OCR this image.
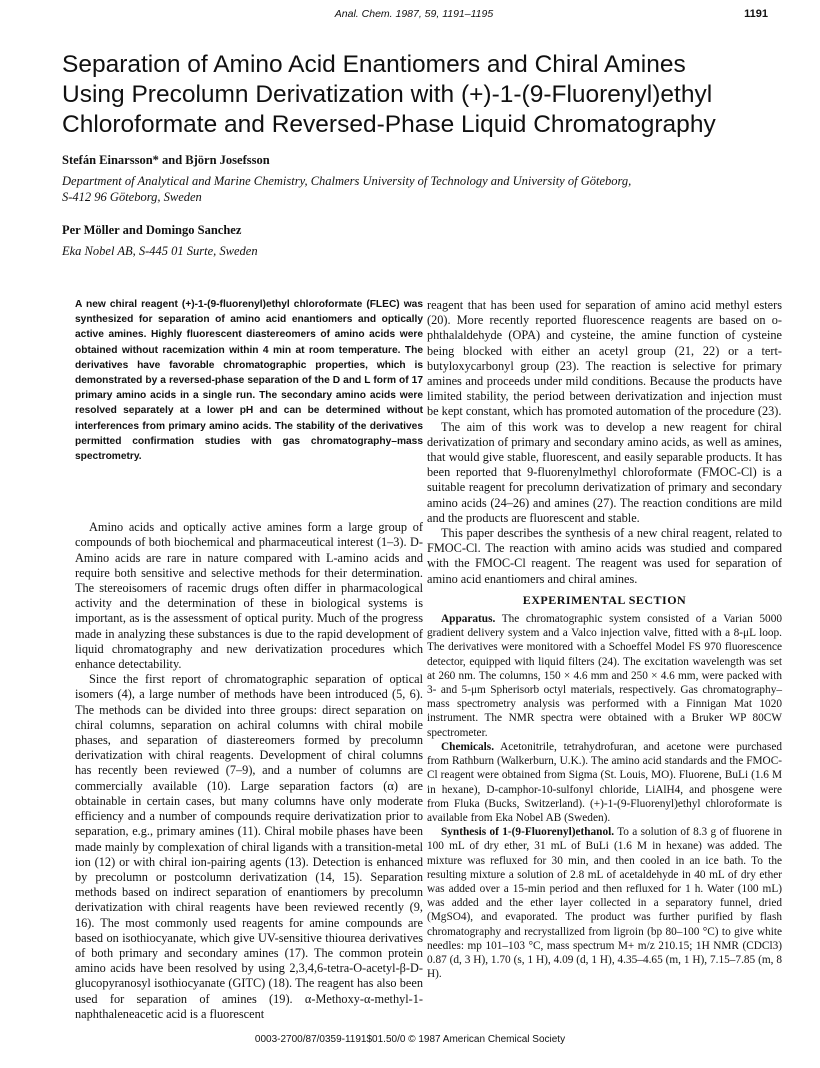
Anal. Chem. 1987, 59, 1191–1195	1191
Separation of Amino Acid Enantiomers and Chiral Amines
Using Precolumn Derivatization with (+)-1-(9-Fluorenyl)ethyl
Chloroformate and Reversed-Phase Liquid Chromatography
Stefán Einarsson* and Björn Josefsson
Department of Analytical and Marine Chemistry, Chalmers University of Technology and University of Göteborg,
S-412 96 Göteborg, Sweden
Per Möller and Domingo Sanchez
Eka Nobel AB, S-445 01 Surte, Sweden

A new chiral reagent (+)-1-(9-fluorenyl)ethyl chloroformate (FLEC) was synthesized for separation of amino acid enantiomers and optically active amines. Highly fluorescent diastereomers of amino acids were obtained without racemization within 4 min at room temperature. The derivatives have favorable chromatographic properties, which is demonstrated by a reversed-phase separation of the D and L form of 17 primary amino acids in a single run. The secondary amino acids were resolved separately at a lower pH and can be determined without interferences from primary amino acids. The stability of the derivatives permitted confirmation studies with gas chromatography–mass spectrometry.

Amino acids and optically active amines form a large group of compounds of both biochemical and pharmaceutical interest (1–3). D-Amino acids are rare in nature compared with L-amino acids and require both sensitive and selective methods for their determination. The stereoisomers of racemic drugs often differ in pharmacological activity and the determination of these in biological systems is important, as is the assessment of optical purity. Much of the progress made in analyzing these substances is due to the rapid development of liquid chromatography and new derivatization procedures which enhance detectability.

Since the first report of chromatographic separation of optical isomers (4), a large number of methods have been introduced (5, 6). The methods can be divided into three groups: direct separation on chiral columns, separation on achiral columns with chiral mobile phases, and separation of diastereomers formed by precolumn derivatization with chiral reagents. Development of chiral columns has recently been reviewed (7–9), and a number of columns are commercially available (10). Large separation factors (α) are obtainable in certain cases, but many columns have only moderate efficiency and a number of compounds require derivatization prior to separation, e.g., primary amines (11). Chiral mobile phases have been made mainly by complexation of chiral ligands with a transition-metal ion (12) or with chiral ion-pairing agents (13). Detection is enhanced by precolumn or postcolumn derivatization (14, 15). Separation methods based on indirect separation of enantiomers by precolumn derivatization with chiral reagents have been reviewed recently (9, 16). The most commonly used reagents for amine compounds are based on isothiocyanate, which give UV-sensitive thiourea derivatives of both primary and secondary amines (17). The common protein amino acids have been resolved by using 2,3,4,6-tetra-O-acetyl-β-D-glucopyranosyl isothiocyanate (GITC) (18). The reagent has also been used for separation of amines (19). α-Methoxy-α-methyl-1-naphthaleneacetic acid is a fluorescent

reagent that has been used for separation of amino acid methyl esters (20). More recently reported fluorescence reagents are based on o-phthalaldehyde (OPA) and cysteine, the amine function of cysteine being blocked with either an acetyl group (21, 22) or a tert-butyloxycarbonyl group (23). The reaction is selective for primary amines and proceeds under mild conditions. Because the products have limited stability, the period between derivatization and injection must be kept constant, which has promoted automation of the procedure (23).

The aim of this work was to develop a new reagent for chiral derivatization of primary and secondary amino acids, as well as amines, that would give stable, fluorescent, and easily separable products. It has been reported that 9-fluorenylmethyl chloroformate (FMOC-Cl) is a suitable reagent for precolumn derivatization of primary and secondary amino acids (24–26) and amines (27). The reaction conditions are mild and the products are fluorescent and stable.

This paper describes the synthesis of a new chiral reagent, related to FMOC-Cl. The reaction with amino acids was studied and compared with the FMOC-Cl reagent. The reagent was used for separation of amino acid enantiomers and chiral amines.

EXPERIMENTAL SECTION

Apparatus. The chromatographic system consisted of a Varian 5000 gradient delivery system and a Valco injection valve, fitted with a 8-μL loop. The derivatives were monitored with a Schoeffel Model FS 970 fluorescence detector, equipped with liquid filters (24). The excitation wavelength was set at 260 nm. The columns, 150 × 4.6 mm and 250 × 4.6 mm, were packed with 3- and 5-μm Spherisorb octyl materials, respectively. Gas chromatography–mass spectrometry analysis was performed with a Finnigan Mat 1020 instrument. The NMR spectra were obtained with a Bruker WP 80CW spectrometer.

Chemicals. Acetonitrile, tetrahydrofuran, and acetone were purchased from Rathburn (Walkerburn, U.K.). The amino acid standards and the FMOC-Cl reagent were obtained from Sigma (St. Louis, MO). Fluorene, BuLi (1.6 M in hexane), D-camphor-10-sulfonyl chloride, LiAlH4, and phosgene were from Fluka (Bucks, Switzerland). (+)-1-(9-Fluorenyl)ethyl chloroformate is available from Eka Nobel AB (Sweden).

Synthesis of 1-(9-Fluorenyl)ethanol. To a solution of 8.3 g of fluorene in 100 mL of dry ether, 31 mL of BuLi (1.6 M in hexane) was added. The mixture was refluxed for 30 min, and then cooled in an ice bath. To the resulting mixture a solution of 2.8 mL of acetaldehyde in 40 mL of dry ether was added over a 15-min period and then refluxed for 1 h. Water (100 mL) was added and the ether layer collected in a separatory funnel, dried (MgSO4), and evaporated. The product was further purified by flash chromatography and recrystallized from ligroin (bp 80–100 °C) to give white needles: mp 101–103 °C, mass spectrum M+ m/z 210.15; 1H NMR (CDCl3) 0.87 (d, 3 H), 1.70 (s, 1 H), 4.09 (d, 1 H), 4.35–4.65 (m, 1 H), 7.15–7.85 (m, 8 H).

0003-2700/87/0359-1191$01.50/0 © 1987 American Chemical Society
